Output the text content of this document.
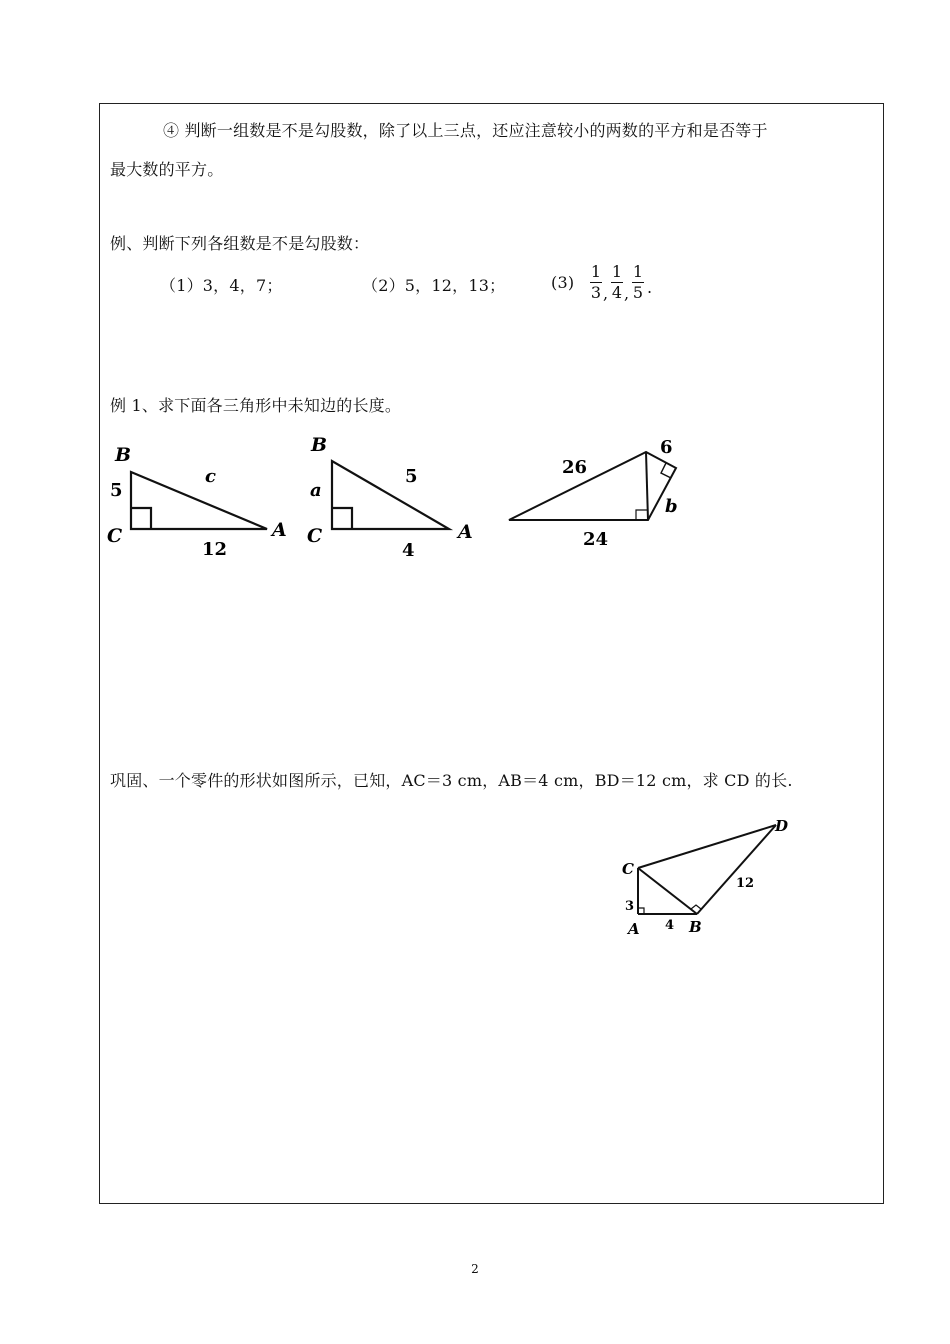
④ 判断一组数是不是勾股数，除了以上三点，还应注意较小的两数的平方和是否等于
最大数的平方。
例、判断下列各组数是不是勾股数：
（1）3，4，7；	（2）5，12，13；	(3)
1
3 ,
1
4 ,
1
5 .
例 1、求下面各三角形中未知边的长度。
B
5
C
c
A
12
B
a
C
5
A
4
26
24
6
b
巩固、一个零件的形状如图所示，已知，AC＝3 cm，AB＝4 cm，BD＝12 cm，求 CD 的长.
C
D
3
A 4 B
12
2
